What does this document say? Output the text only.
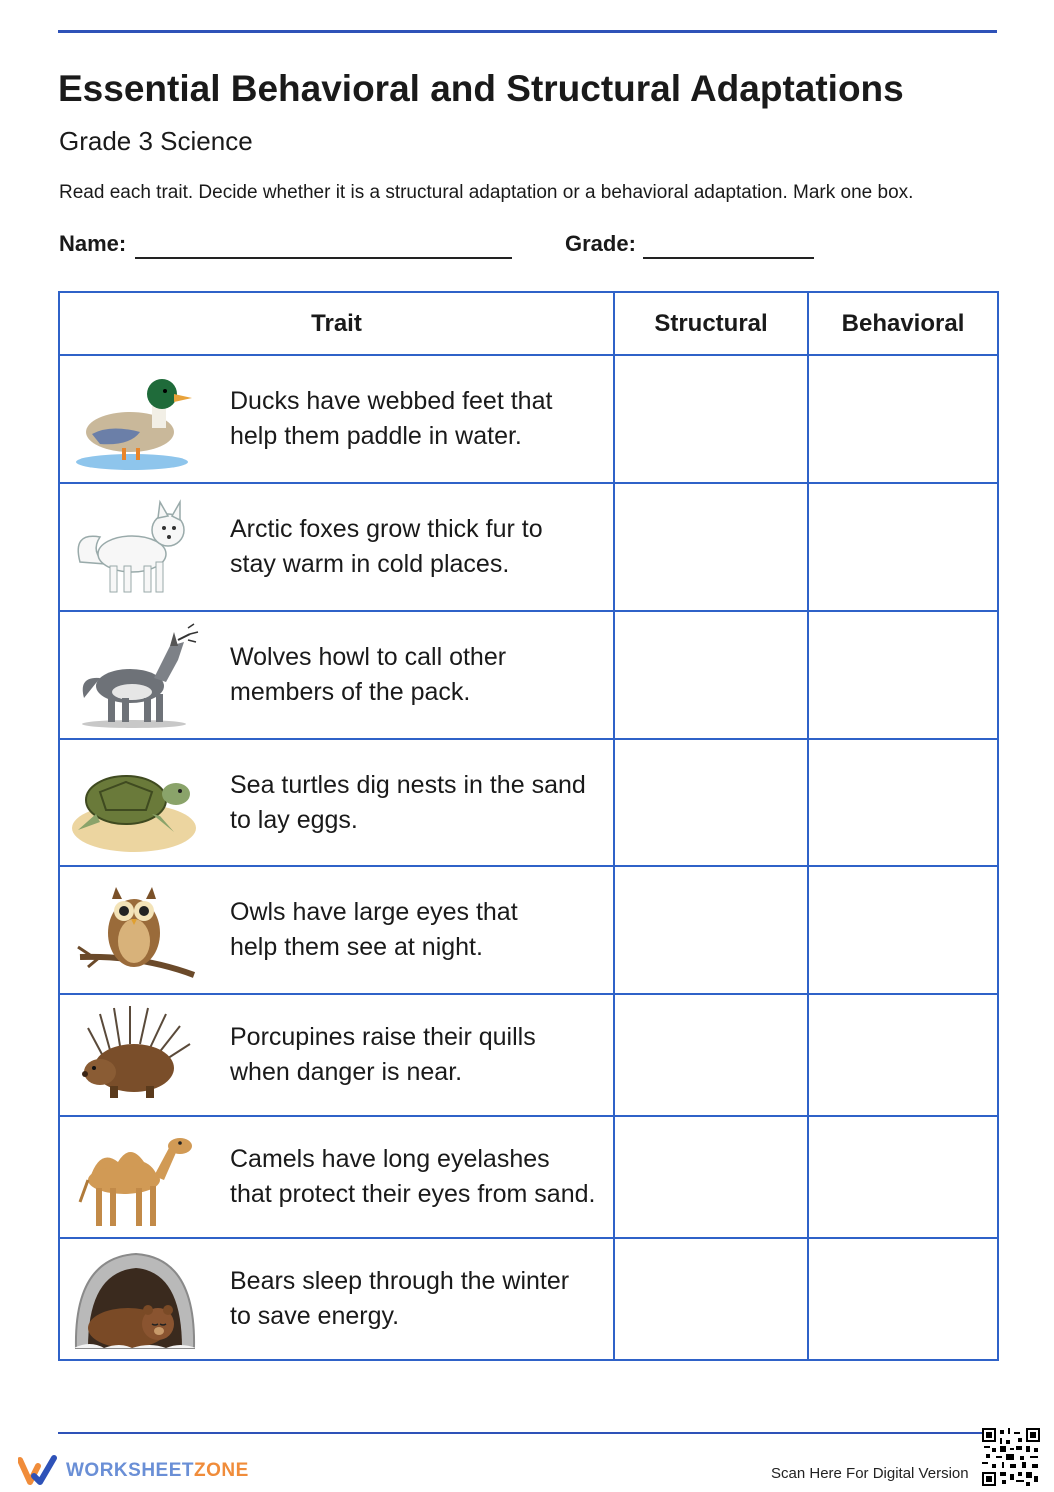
Essential Behavioral and Structural Adaptations
Grade 3 Science
Read each trait. Decide whether it is a structural adaptation or a behavioral adaptation. Mark one box.
Name:	Grade:
Trait	Structural	Behavioral

Ducks have webbed feet that
help them paddle in water.		

Arctic foxes grow thick fur to
stay warm in cold places.		

Wolves howl to call other
members of the pack.		

Sea turtles dig nests in the sand
to lay eggs.		

Owls have large eyes that
help them see at night.		

Porcupines raise their quills
when danger is near.		

Camels have long eyelashes
that protect their eyes from sand.		

Bears sleep through the winter
to save energy.		

WORKSHEETZONE	Scan Here For Digital Version
